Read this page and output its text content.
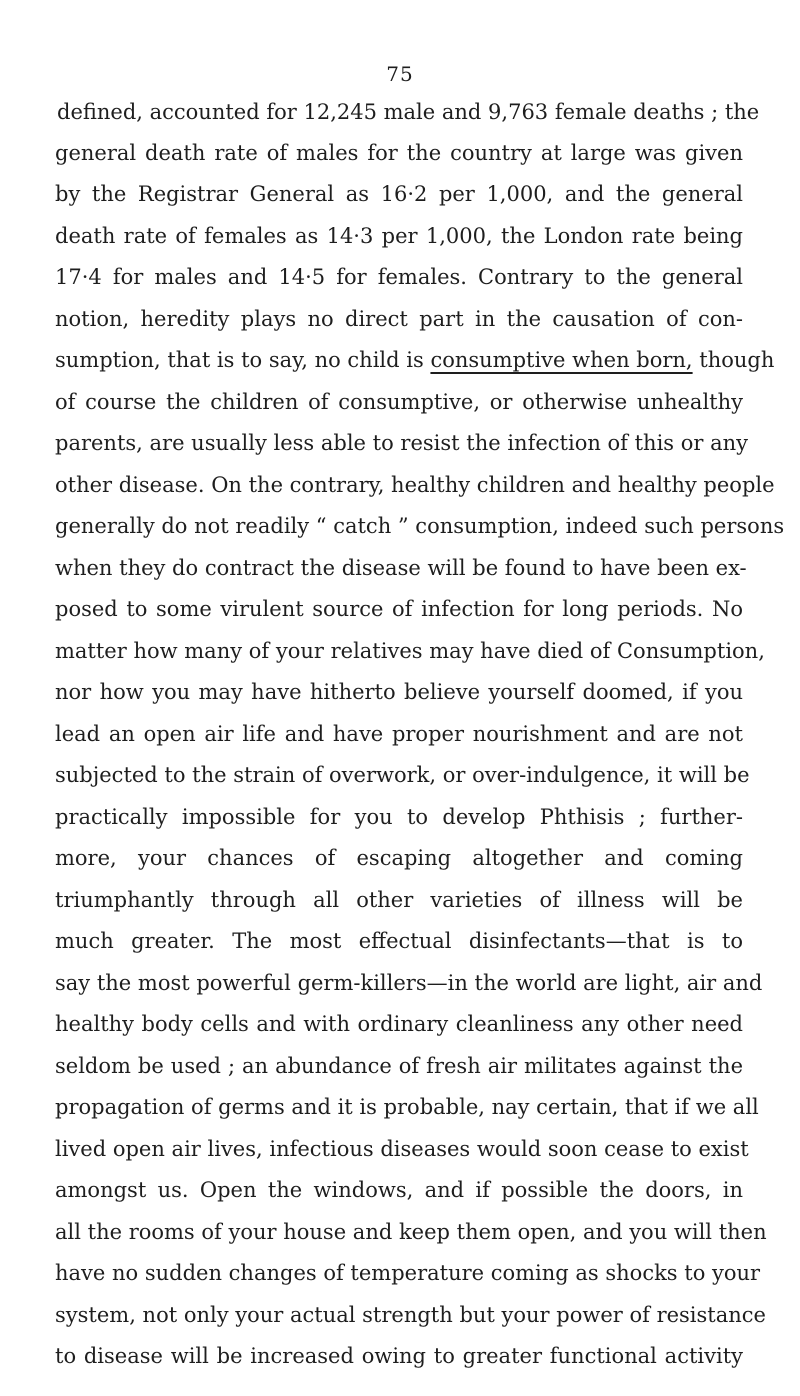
75
defined, accounted for 12,245 male and 9,763 female deaths ; the
general death rate of males for the country at large was given
by the Registrar General as 16·2 per 1,000, and the general
death rate of females as 14·3 per 1,000, the London rate being
17·4 for males and 14·5 for females. Contrary to the general
notion, heredity plays no direct part in the causation of con-
sumption, that is to say, no child is consumptive when born, though
of course the children of consumptive, or otherwise unhealthy
parents, are usually less able to resist the infection of this or any
other disease. On the contrary, healthy children and healthy people
generally do not readily “ catch ” consumption, indeed such persons
when they do contract the disease will be found to have been ex-
posed to some virulent source of infection for long periods. No
matter how many of your relatives may have died of Consumption,
nor how you may have hitherto believe yourself doomed, if you
lead an open air life and have proper nourishment and are not
subjected to the strain of overwork, or over-indulgence, it will be
practically impossible for you to develop Phthisis ; further-
more, your chances of escaping altogether and coming
triumphantly through all other varieties of illness will be
much greater. The most effectual disinfectants—that is to
say the most powerful germ-killers—in the world are light, air and
healthy body cells and with ordinary cleanliness any other need
seldom be used ; an abundance of fresh air militates against the
propagation of germs and it is probable, nay certain, that if we all
lived open air lives, infectious diseases would soon cease to exist
amongst us. Open the windows, and if possible the doors, in
all the rooms of your house and keep them open, and you will then
have no sudden changes of temperature coming as shocks to your
system, not only your actual strength but your power of resistance
to disease will be increased owing to greater functional activity
